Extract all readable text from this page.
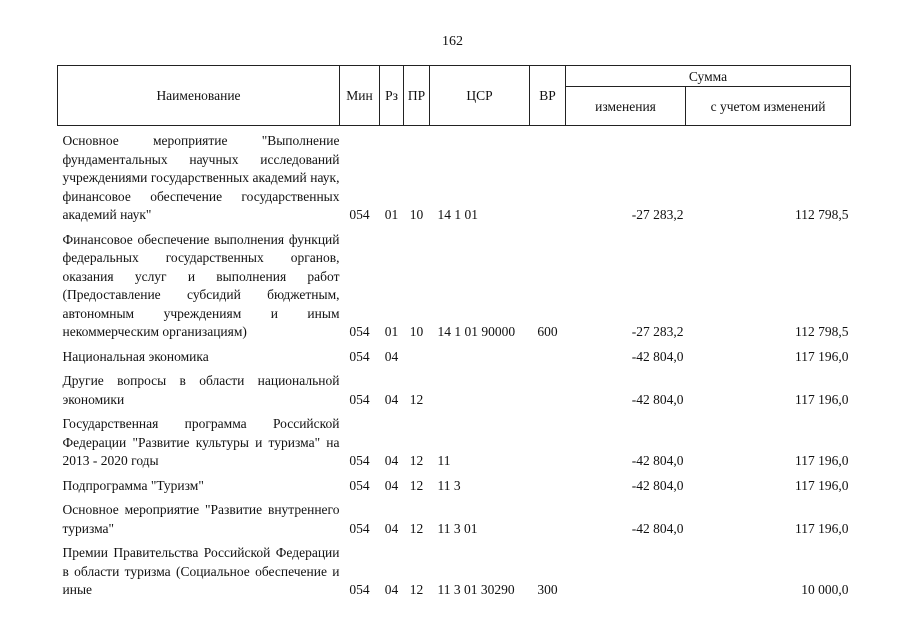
162
Наименование	Мин	Рз	ПР	ЦСР	ВР	Сумма	
						изменения	с учетом изменений
Основное мероприятие "Выполнение фундаментальных научных исследований учреждениями государственных академий наук, финансовое обеспечение государственных академий наук"	054	01	10	14 1 01		-27 283,2	112 798,5
Финансовое обеспечение выполнения функций федеральных государственных органов, оказания услуг и выполнения работ (Предоставление субсидий бюджетным, автономным учреждениям и иным некоммерческим организациям)	054	01	10	14 1 01 90000	600	-27 283,2	112 798,5
Национальная экономика	054	04				-42 804,0	117 196,0
Другие вопросы в области национальной экономики	054	04	12			-42 804,0	117 196,0
Государственная программа Российской Федерации "Развитие культуры и туризма" на 2013 - 2020 годы	054	04	12	11		-42 804,0	117 196,0
Подпрограмма "Туризм"	054	04	12	11 3		-42 804,0	117 196,0
Основное мероприятие "Развитие внутреннего туризма"	054	04	12	11 3 01		-42 804,0	117 196,0
Премии Правительства Российской Федерации в области туризма (Социальное обеспечение и иные	054	04	12	11 3 01 30290	300		10 000,0
